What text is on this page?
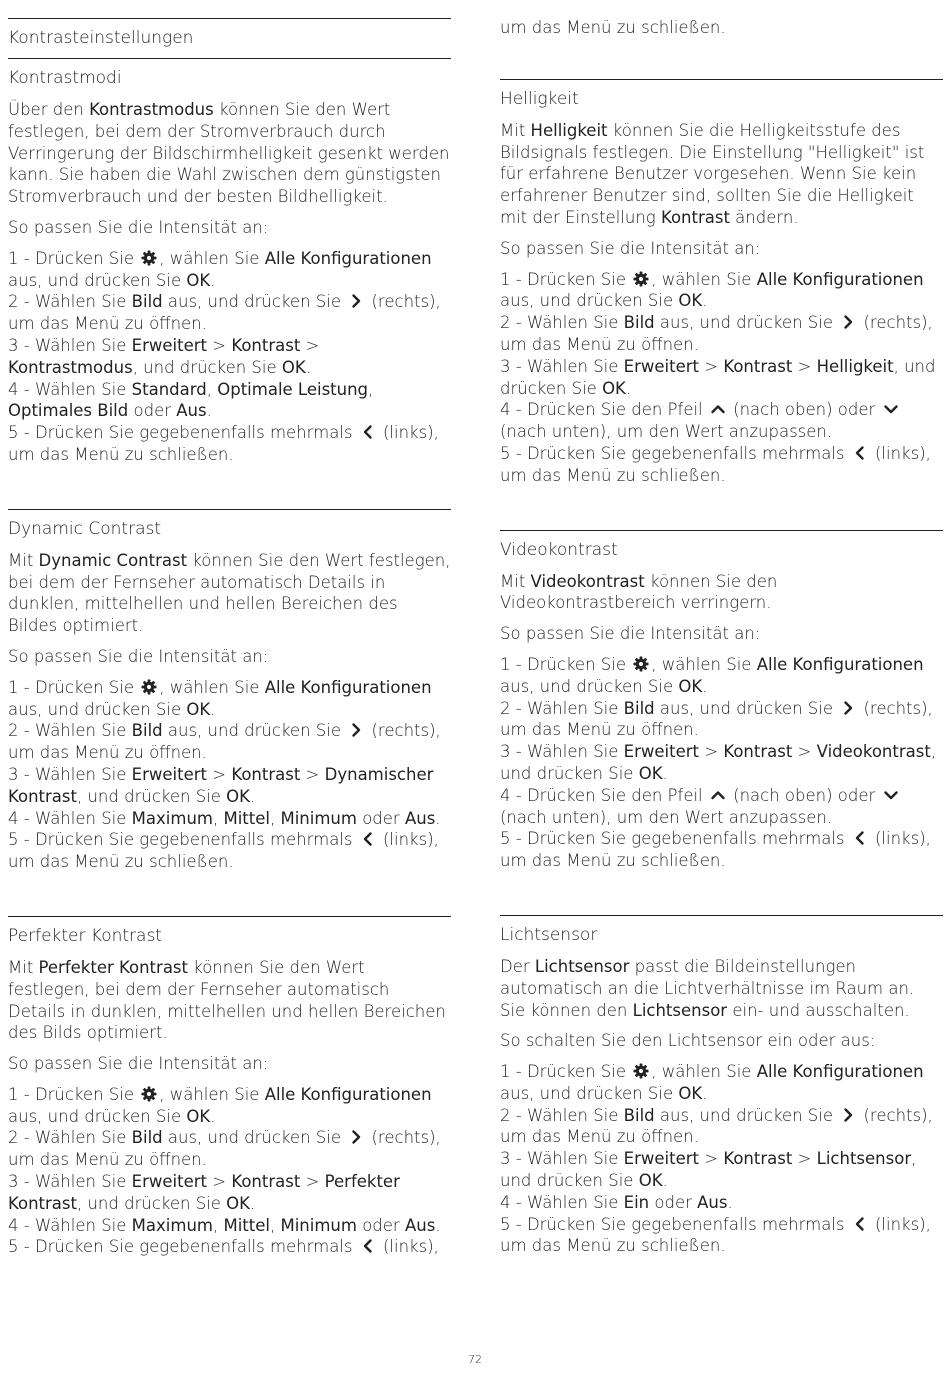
Kontrasteinstellungen
Kontrastmodi

Über den Kontrastmodus können Sie den Wert festlegen, bei dem der Stromverbrauch durch Verringerung der Bildschirmhelligkeit gesenkt werden kann. Sie haben die Wahl zwischen dem günstigsten Stromverbrauch und der besten Bildhelligkeit.

So passen Sie die Intensität an:

1 - Drücken Sie
, wählen Sie Alle Konfigurationen aus, und drücken Sie OK.
2 - Wählen Sie Bild aus, und drücken Sie
(rechts), um das Menü zu öffnen.
3 - Wählen Sie Erweitert > Kontrast > Kontrastmodus, und drücken Sie OK.
4 - Wählen Sie Standard, Optimale Leistung, Optimales Bild oder Aus.
5 - Drücken Sie gegebenenfalls mehrmals
(links), um das Menü zu schließen.
Dynamic Contrast

Mit Dynamic Contrast können Sie den Wert festlegen, bei dem der Fernseher automatisch Details in dunklen, mittelhellen und hellen Bereichen des Bildes optimiert.

So passen Sie die Intensität an:

1 - Drücken Sie
, wählen Sie Alle Konfigurationen aus, und drücken Sie OK.
2 - Wählen Sie Bild aus, und drücken Sie
(rechts), um das Menü zu öffnen.
3 - Wählen Sie Erweitert > Kontrast > Dynamischer Kontrast, und drücken Sie OK.
4 - Wählen Sie Maximum, Mittel, Minimum oder Aus.
5 - Drücken Sie gegebenenfalls mehrmals
(links), um das Menü zu schließen.
Perfekter Kontrast

Mit Perfekter Kontrast können Sie den Wert festlegen, bei dem der Fernseher automatisch Details in dunklen, mittelhellen und hellen Bereichen des Bilds optimiert.

So passen Sie die Intensität an:

1 - Drücken Sie
, wählen Sie Alle Konfigurationen aus, und drücken Sie OK.
2 - Wählen Sie Bild aus, und drücken Sie
(rechts), um das Menü zu öffnen.
3 - Wählen Sie Erweitert > Kontrast > Perfekter Kontrast, und drücken Sie OK.
4 - Wählen Sie Maximum, Mittel, Minimum oder Aus.
5 - Drücken Sie gegebenenfalls mehrmals
(links),
um das Menü zu schließen.
Helligkeit

Mit Helligkeit können Sie die Helligkeitsstufe des Bildsignals festlegen. Die Einstellung "Helligkeit" ist für erfahrene Benutzer vorgesehen. Wenn Sie kein erfahrener Benutzer sind, sollten Sie die Helligkeit mit der Einstellung Kontrast ändern.

So passen Sie die Intensität an:

1 - Drücken Sie
, wählen Sie Alle Konfigurationen aus, und drücken Sie OK.
2 - Wählen Sie Bild aus, und drücken Sie
(rechts), um das Menü zu öffnen.
3 - Wählen Sie Erweitert > Kontrast > Helligkeit, und drücken Sie OK.
4 - Drücken Sie den Pfeil
(nach oben) oder
(nach unten), um den Wert anzupassen.
5 - Drücken Sie gegebenenfalls mehrmals
(links), um das Menü zu schließen.
Videokontrast

Mit Videokontrast können Sie den Videokontrastbereich verringern.

So passen Sie die Intensität an:

1 - Drücken Sie
, wählen Sie Alle Konfigurationen aus, und drücken Sie OK.
2 - Wählen Sie Bild aus, und drücken Sie
(rechts), um das Menü zu öffnen.
3 - Wählen Sie Erweitert > Kontrast > Videokontrast, und drücken Sie OK.
4 - Drücken Sie den Pfeil
(nach oben) oder
(nach unten), um den Wert anzupassen.
5 - Drücken Sie gegebenenfalls mehrmals
(links), um das Menü zu schließen.
Lichtsensor

Der Lichtsensor passt die Bildeinstellungen automatisch an die Lichtverhältnisse im Raum an. Sie können den Lichtsensor ein- und ausschalten.

So schalten Sie den Lichtsensor ein oder aus:

1 - Drücken Sie
, wählen Sie Alle Konfigurationen aus, und drücken Sie OK.
2 - Wählen Sie Bild aus, und drücken Sie
(rechts), um das Menü zu öffnen.
3 - Wählen Sie Erweitert > Kontrast > Lichtsensor, und drücken Sie OK.
4 - Wählen Sie Ein oder Aus.
5 - Drücken Sie gegebenenfalls mehrmals
(links), um das Menü zu schließen.
72
